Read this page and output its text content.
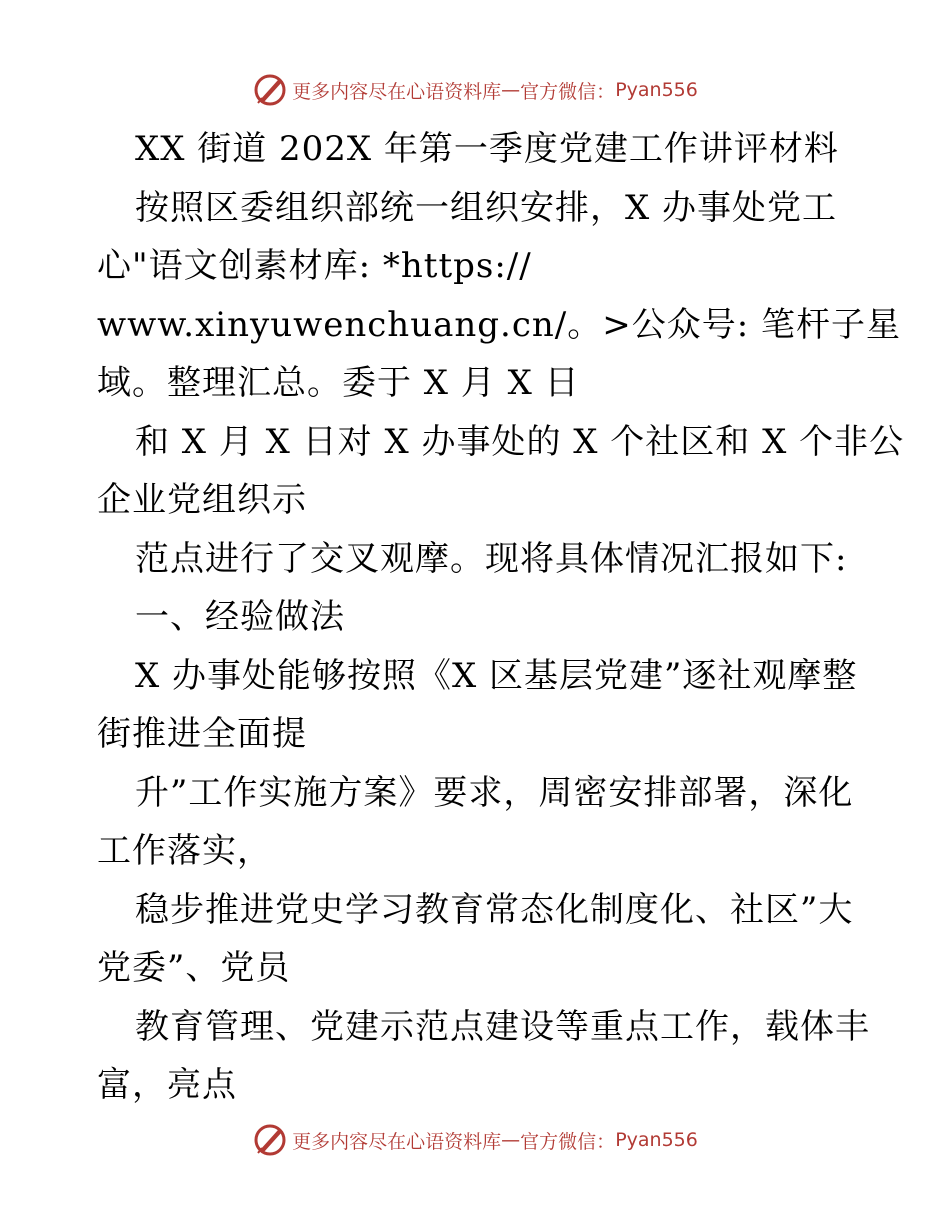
更多内容尽在心语资料库 — 官方微信： Pyan556
XX 街道 202X 年第一季度党建工作讲评材料
按照区委组织部统一组织安排，X 办事处党工
心"语文创素材库: *https://
www.xinyuwenchuang.cn/。>公众号: 笔杆子星
域。整理汇总。委于 X 月 X 日
和 X 月 X 日对 X 办事处的 X 个社区和 X 个非公
企业党组织示
范点进行了交叉观摩。现将具体情况汇报如下:
一、经验做法
X 办事处能够按照《X 区基层党建”逐社观摩整
街推进全面提
升”工作实施方案》要求，周密安排部署，深化
工作落实，
稳步推进党史学习教育常态化制度化、社区”大
党委”、党员
教育管理、党建示范点建设等重点工作，载体丰
富，亮点
更多内容尽在心语资料库 — 官方微信： Pyan556
